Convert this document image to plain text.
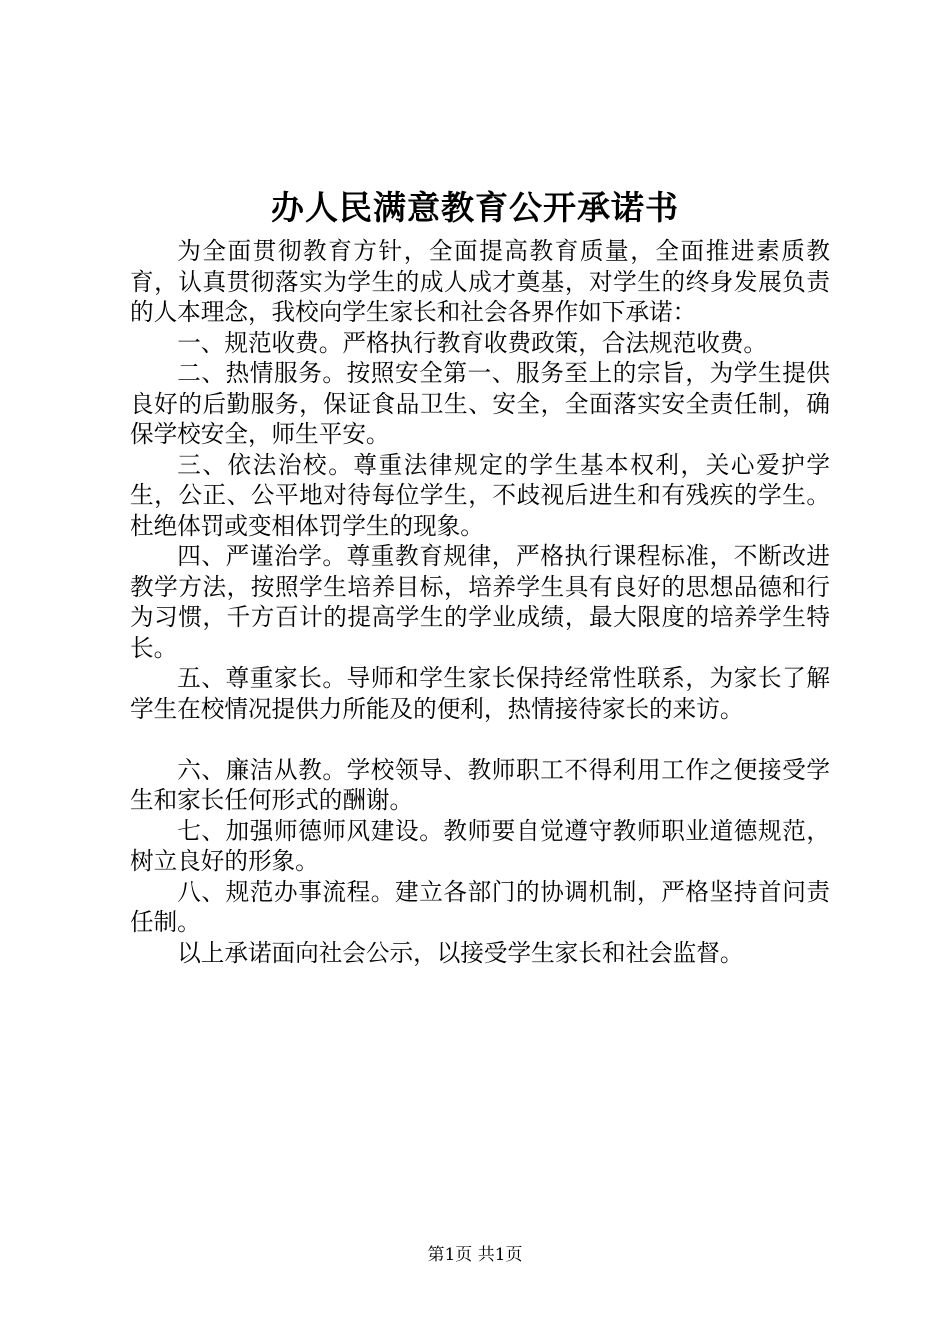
办人民满意教育公开承诺书

为全面贯彻教育方针，全面提高教育质量，全面推进素质教育，认真贯彻落实为学生的成人成才奠基，对学生的终身发展负责的人本理念，我校向学生家长和社会各界作如下承诺：

一、规范收费。严格执行教育收费政策，合法规范收费。

二、热情服务。按照安全第一、服务至上的宗旨，为学生提供良好的后勤服务，保证食品卫生、安全，全面落实安全责任制，确保学校安全，师生平安。

三、依法治校。尊重法律规定的学生基本权利，关心爱护学生，公正、公平地对待每位学生，不歧视后进生和有残疾的学生。杜绝体罚或变相体罚学生的现象。

四、严谨治学。尊重教育规律，严格执行课程标准，不断改进教学方法，按照学生培养目标，培养学生具有良好的思想品德和行为习惯，千方百计的提高学生的学业成绩，最大限度的培养学生特长。

五、尊重家长。导师和学生家长保持经常性联系，为家长了解学生在校情况提供力所能及的便利，热情接待家长的来访。

六、廉洁从教。学校领导、教师职工不得利用工作之便接受学生和家长任何形式的酬谢。

七、加强师德师风建设。教师要自觉遵守教师职业道德规范，树立良好的形象。

八、规范办事流程。建立各部门的协调机制，严格坚持首问责任制。

以上承诺面向社会公示，以接受学生家长和社会监督。

第1页 共1页
